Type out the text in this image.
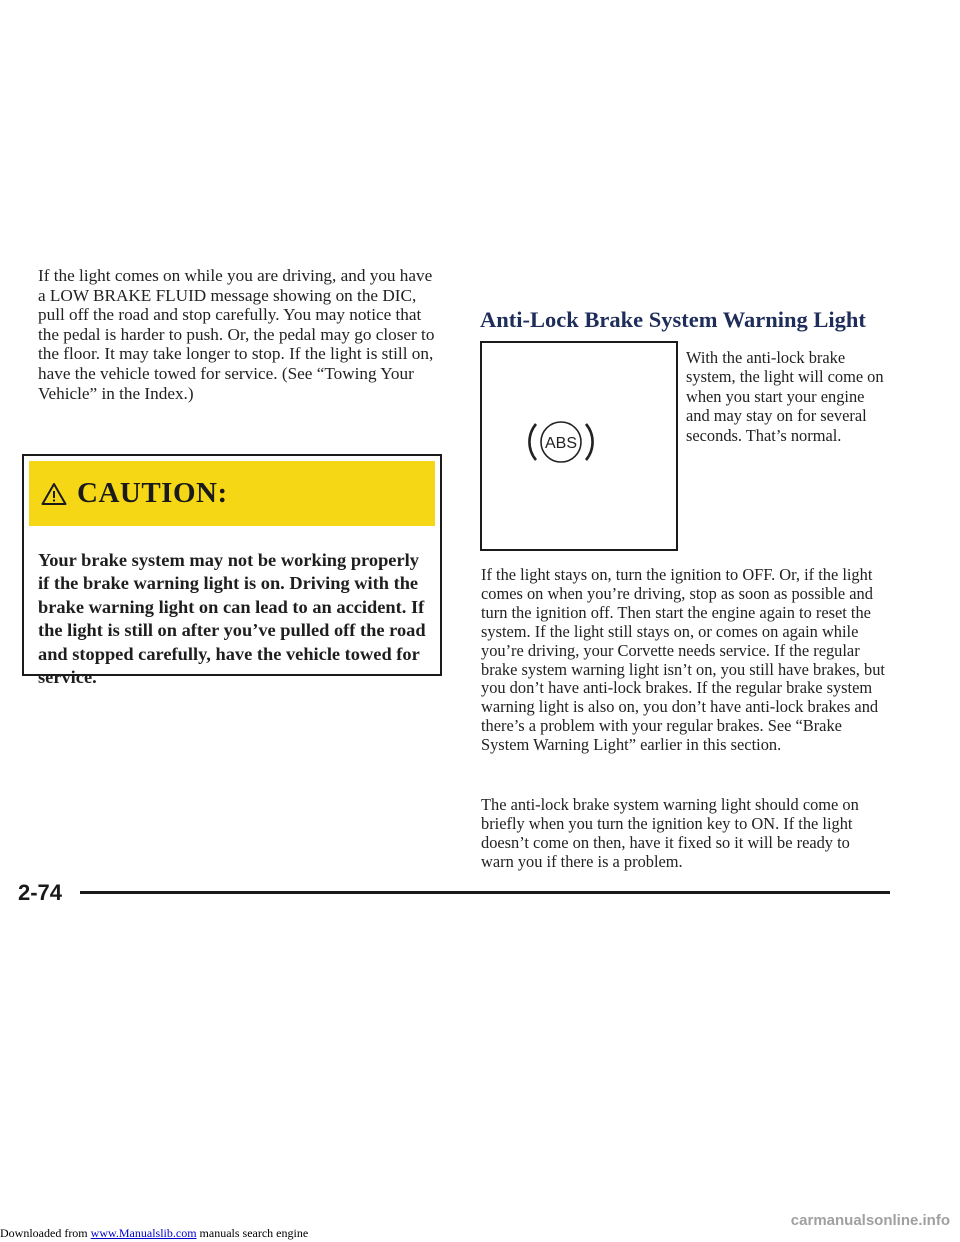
If the light comes on while you are driving, and you have a LOW BRAKE FLUID message showing on the DIC, pull off the road and stop carefully. You may notice that the pedal is harder to push. Or, the pedal may go closer to the floor. It may take longer to stop. If the light is still on, have the vehicle towed for service. (See “Towing Your Vehicle” in the Index.)
CAUTION:
Your brake system may not be working properly if the brake warning light is on. Driving with the brake warning light on can lead to an accident. If the light is still on after you’ve pulled off the road and stopped carefully, have the vehicle towed for service.
Anti-Lock Brake System Warning Light
ABS
With the anti-lock brake system, the light will come on when you start your engine and may stay on for several seconds. That’s normal.

If the light stays on, turn the ignition to OFF. Or, if the light comes on when you’re driving, stop as soon as possible and turn the ignition off. Then start the engine again to reset the system. If the light still stays on, or comes on again while you’re driving, your Corvette needs service. If the regular brake system warning light isn’t on, you still have brakes, but you don’t have anti-lock brakes. If the regular brake system warning light is also on, you don’t have anti-lock brakes and there’s a problem with your regular brakes. See “Brake System Warning Light” earlier in this section.

The anti-lock brake system warning light should come on briefly when you turn the ignition key to ON. If the light doesn’t come on then, have it fixed so it will be ready to warn you if there is a problem.

2-74
carmanualsonline.info
Downloaded from www.Manualslib.com manuals search engine
